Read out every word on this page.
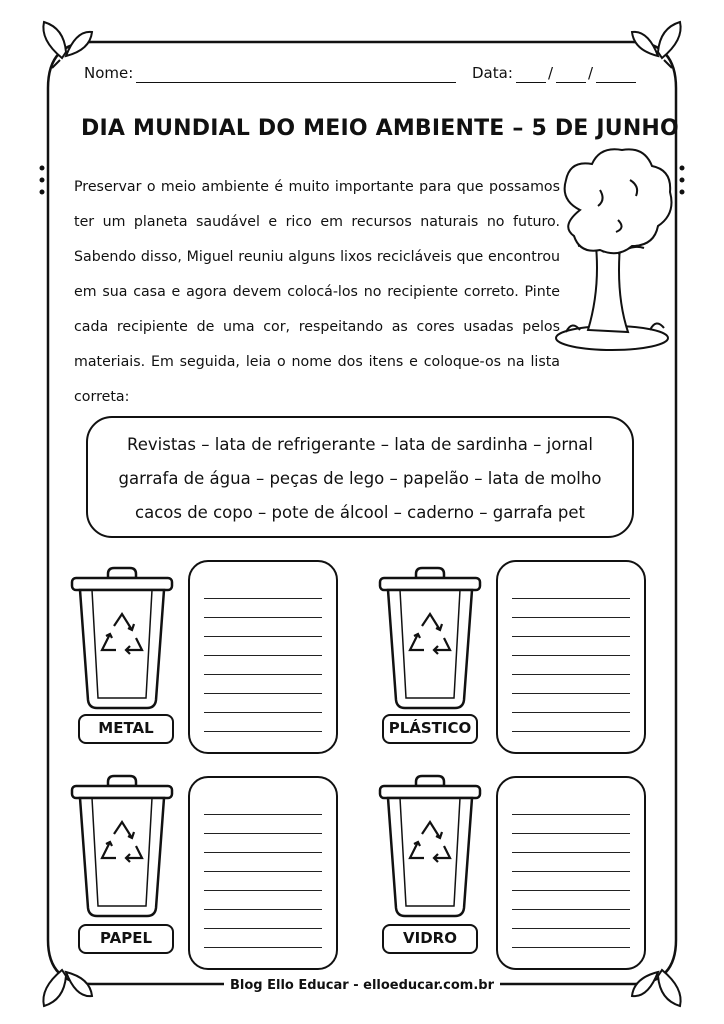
Nome:	Data: / /
DIA MUNDIAL DO MEIO AMBIENTE – 5 DE JUNHO

Preservar o meio ambiente é muito importante para que possamos ter um planeta saudável e rico em recursos naturais no futuro. Sabendo disso, Miguel reuniu alguns lixos recicláveis que encontrou em sua casa e agora devem colocá-los no recipiente correto. Pinte cada recipiente de uma cor, respeitando as cores usadas pelos materiais. Em seguida, leia o nome dos itens e coloque-os na lista correta:

Revistas – lata de refrigerante – lata de sardinha – jornal
garrafa de água – peças de lego – papelão – lata de molho
cacos de copo – pote de álcool – caderno – garrafa pet
METAL	PLÁSTICO
PAPEL	VIDRO
Blog Ello Educar - elloeducar.com.br
